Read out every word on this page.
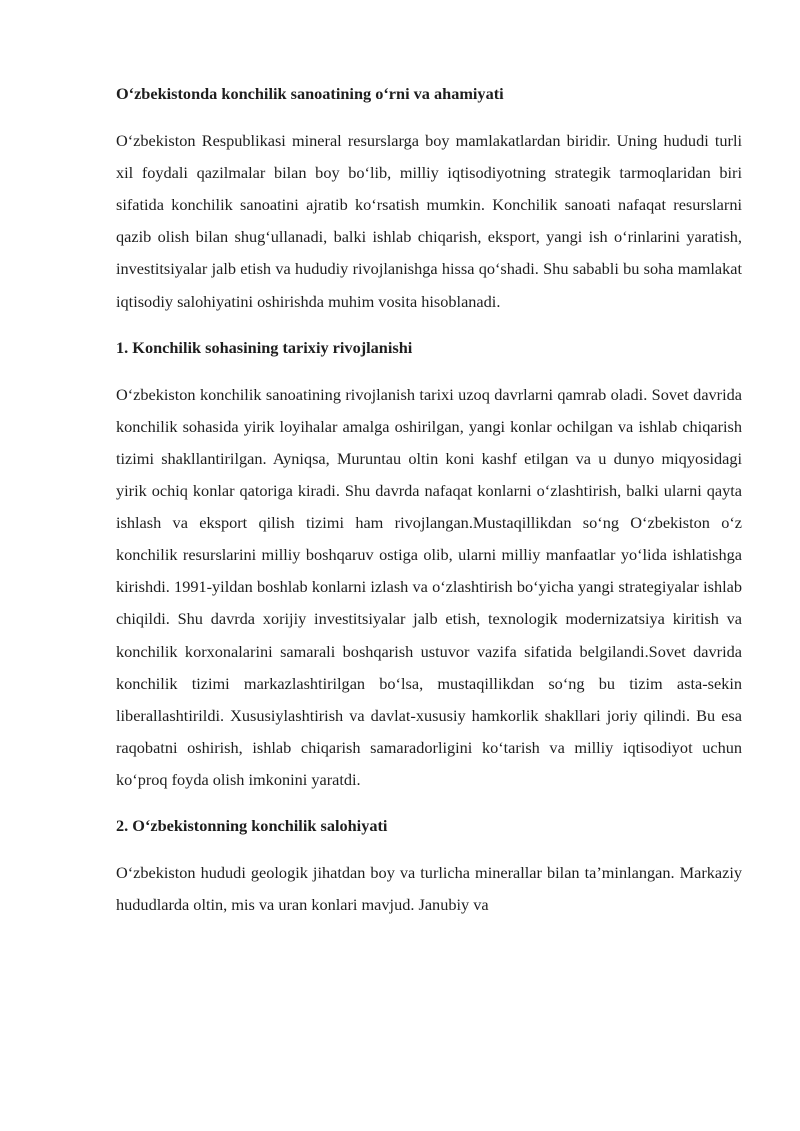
O‘zbekistonda konchilik sanoatining o‘rni va ahamiyati

O‘zbekiston Respublikasi mineral resurslarga boy mamlakatlardan biridir. Uning hududi turli xil foydali qazilmalar bilan boy bo‘lib, milliy iqtisodiyotning strategik tarmoqlaridan biri sifatida konchilik sanoatini ajratib ko‘rsatish mumkin. Konchilik sanoati nafaqat resurslarni qazib olish bilan shug‘ullanadi, balki ishlab chiqarish, eksport, yangi ish o‘rinlarini yaratish, investitsiyalar jalb etish va hududiy rivojlanishga hissa qo‘shadi. Shu sababli bu soha mamlakat iqtisodiy salohiyatini oshirishda muhim vosita hisoblanadi.

1. Konchilik sohasining tarixiy rivojlanishi

O‘zbekiston konchilik sanoatining rivojlanish tarixi uzoq davrlarni qamrab oladi. Sovet davrida konchilik sohasida yirik loyihalar amalga oshirilgan, yangi konlar ochilgan va ishlab chiqarish tizimi shakllantirilgan. Ayniqsa, Muruntau oltin koni kashf etilgan va u dunyo miqyosidagi yirik ochiq konlar qatoriga kiradi. Shu davrda nafaqat konlarni o‘zlashtirish, balki ularni qayta ishlash va eksport qilish tizimi ham rivojlangan.Mustaqillikdan so‘ng O‘zbekiston o‘z konchilik resurslarini milliy boshqaruv ostiga olib, ularni milliy manfaatlar yo‘lida ishlatishga kirishdi. 1991-yildan boshlab konlarni izlash va o‘zlashtirish bo‘yicha yangi strategiyalar ishlab chiqildi. Shu davrda xorijiy investitsiyalar jalb etish, texnologik modernizatsiya kiritish va konchilik korxonalarini samarali boshqarish ustuvor vazifa sifatida belgilandi.Sovet davrida konchilik tizimi markazlashtirilgan bo‘lsa, mustaqillikdan so‘ng bu tizim asta-sekin liberallashtirildi. Xususiylashtirish va davlat-xususiy hamkorlik shakllari joriy qilindi. Bu esa raqobatni oshirish, ishlab chiqarish samaradorligini ko‘tarish va milliy iqtisodiyot uchun ko‘proq foyda olish imkonini yaratdi.

2. O‘zbekistonning konchilik salohiyati

O‘zbekiston hududi geologik jihatdan boy va turlicha minerallar bilan ta’minlangan. Markaziy hududlarda oltin, mis va uran konlari mavjud. Janubiy va
